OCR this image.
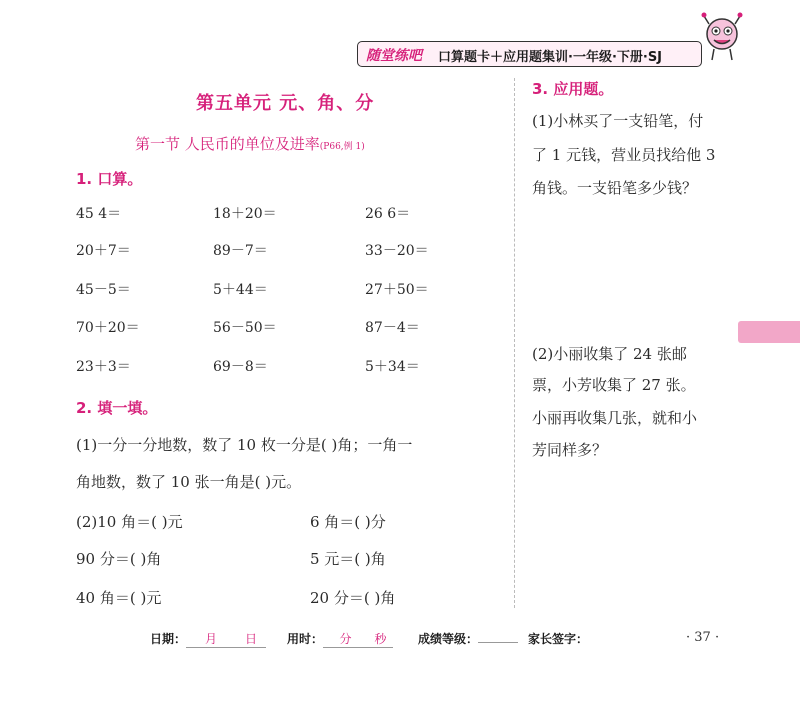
随堂练吧 口算题卡＋应用题集训·一年级·下册·SJ
第五单元 元、角、分
第一节 人民币的单位及进率(P66,例 1)
1. 口算。
45 4＝	18＋20＝	26 6＝
20＋7＝	89－7＝	33－20＝
45－5＝	5＋44＝	27＋50＝
70＋20＝	56－50＝	87－4＝
23＋3＝	69－8＝	5＋34＝
2. 填一填。
(1)一分一分地数，数了 10 枚一分是( )角；一角一
角地数，数了 10 张一角是( )元。
(2)10 角＝( )元	6 角＝( )分
90 分＝( )角	5 元＝( )角
40 角＝( )元	20 分＝( )角
3. 应用题。
(1)小林买了一支铅笔，付
了 1 元钱，营业员找给他 3
角钱。一支铅笔多少钱？
(2)小丽收集了 24 张邮
票，小芳收集了 27 张。
小丽再收集几张，就和小
芳同样多？
日期： 月 日	用时： 分 秒	成绩等级：	家长签字：	· 37 ·
